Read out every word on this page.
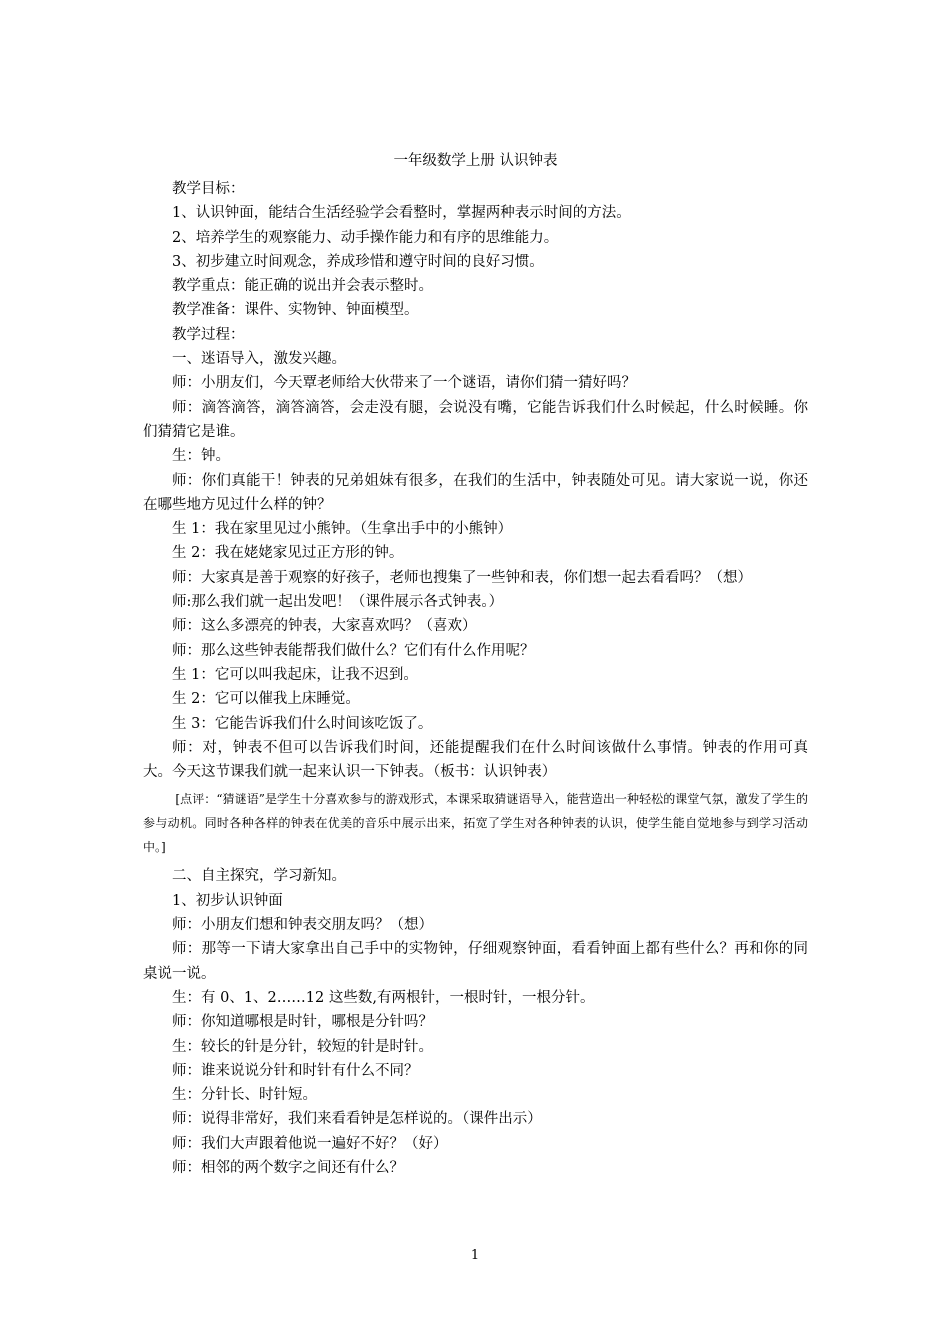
一年级数学上册 认识钟表

教学目标：

1、认识钟面，能结合生活经验学会看整时，掌握两种表示时间的方法。

2、培养学生的观察能力、动手操作能力和有序的思维能力。

3、初步建立时间观念，养成珍惜和遵守时间的良好习惯。

教学重点：能正确的说出并会表示整时。

教学准备：课件、实物钟、钟面模型。

教学过程：

一、迷语导入，激发兴趣。

师：小朋友们，今天覃老师给大伙带来了一个谜语，请你们猜一猜好吗？

师：滴答滴答，滴答滴答，会走没有腿，会说没有嘴，它能告诉我们什么时候起，什么时候睡。你们猜猜它是谁。

生：钟。

师：你们真能干！钟表的兄弟姐妹有很多，在我们的生活中，钟表随处可见。请大家说一说，你还在哪些地方见过什么样的钟？

生 1：我在家里见过小熊钟。（生拿出手中的小熊钟）

生 2：我在姥姥家见过正方形的钟。

师：大家真是善于观察的好孩子，老师也搜集了一些钟和表，你们想一起去看看吗？（想）

师:那么我们就一起出发吧！（课件展示各式钟表。）

师：这么多漂亮的钟表，大家喜欢吗？（喜欢）

师：那么这些钟表能帮我们做什么？它们有什么作用呢？

生 1：它可以叫我起床，让我不迟到。

生 2：它可以催我上床睡觉。

生 3：它能告诉我们什么时间该吃饭了。

师：对，钟表不但可以告诉我们时间，还能提醒我们在什么时间该做什么事情。钟表的作用可真大。今天这节课我们就一起来认识一下钟表。（板书：认识钟表）

[点评：“猜谜语”是学生十分喜欢参与的游戏形式，本课采取猜谜语导入，能营造出一种轻松的课堂气氛，激发了学生的参与动机。同时各种各样的钟表在优美的音乐中展示出来，拓宽了学生对各种钟表的认识，使学生能自觉地参与到学习活动中。]

二、自主探究，学习新知。

1、初步认识钟面

师：小朋友们想和钟表交朋友吗？（想）

师：那等一下请大家拿出自己手中的实物钟，仔细观察钟面，看看钟面上都有些什么？再和你的同桌说一说。

生：有 0、1、2……12 这些数,有两根针，一根时针，一根分针。

师：你知道哪根是时针，哪根是分针吗？

生：较长的针是分针，较短的针是时针。

师：谁来说说分针和时针有什么不同？

生：分针长、时针短。

师：说得非常好，我们来看看钟是怎样说的。（课件出示）

师：我们大声跟着他说一遍好不好？（好）

师：相邻的两个数字之间还有什么？

1
